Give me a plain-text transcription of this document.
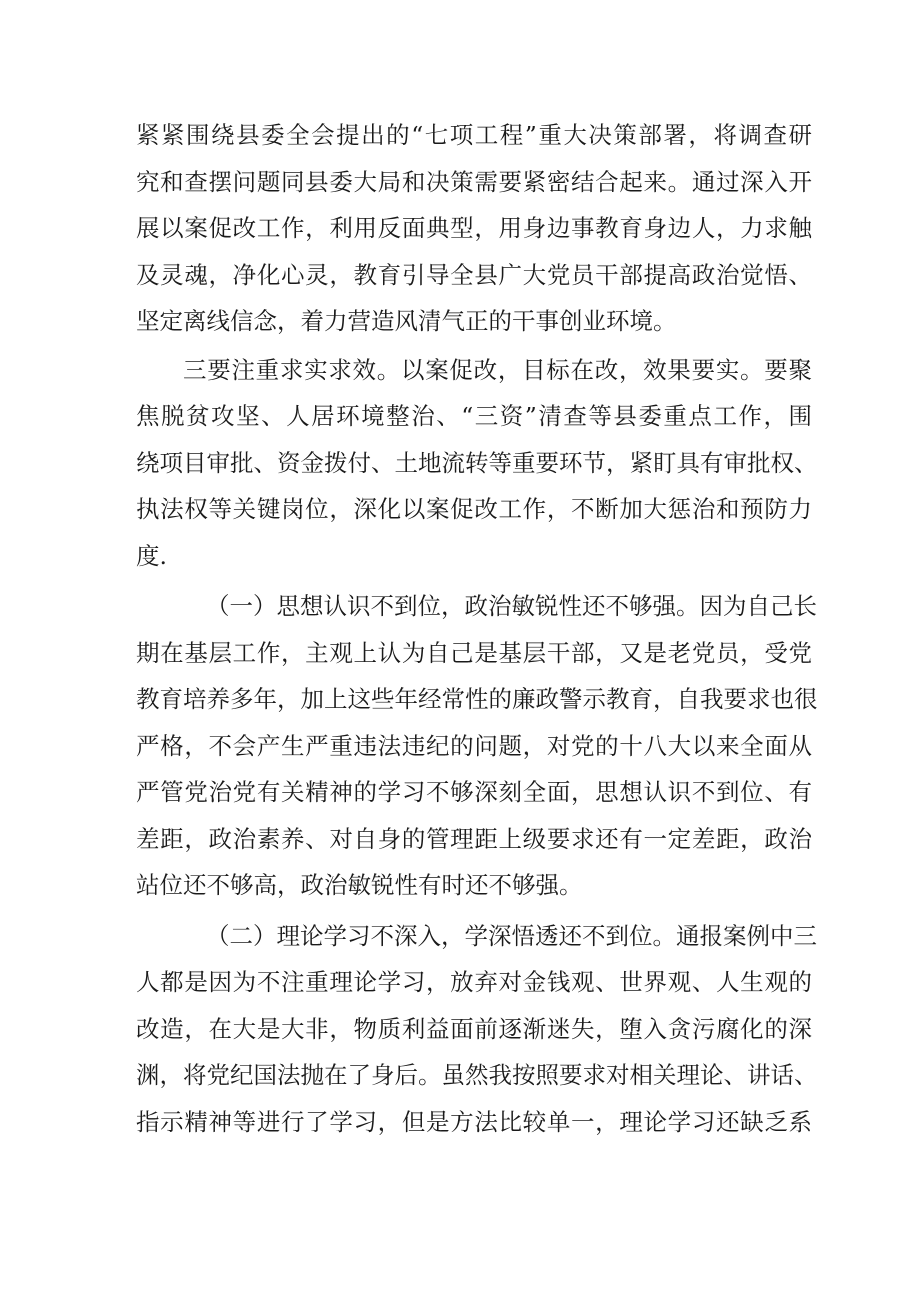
紧紧围绕县委全会提出的“七项工程”重大决策部署，将调查研
究和查摆问题同县委大局和决策需要紧密结合起来。通过深入开
展以案促改工作，利用反面典型，用身边事教育身边人，力求触
及灵魂，净化心灵，教育引导全县广大党员干部提高政治觉悟、
坚定离线信念，着力营造风清气正的干事创业环境。
三要注重求实求效。以案促改，目标在改，效果要实。要聚
焦脱贫攻坚、人居环境整治、“三资”清查等县委重点工作，围
绕项目审批、资金拨付、土地流转等重要环节，紧盯具有审批权、
执法权等关键岗位，深化以案促改工作，不断加大惩治和预防力
度.
（一）思想认识不到位，政治敏锐性还不够强。因为自己长
期在基层工作，主观上认为自己是基层干部，又是老党员，受党
教育培养多年，加上这些年经常性的廉政警示教育，自我要求也很
严格，不会产生严重违法违纪的问题，对党的十八大以来全面从
严管党治党有关精神的学习不够深刻全面，思想认识不到位、有
差距，政治素养、对自身的管理距上级要求还有一定差距，政治
站位还不够高，政治敏锐性有时还不够强。
（二）理论学习不深入，学深悟透还不到位。通报案例中三
人都是因为不注重理论学习，放弃对金钱观、世界观、人生观的
改造，在大是大非，物质利益面前逐渐迷失，堕入贪污腐化的深
渊，将党纪国法抛在了身后。虽然我按照要求对相关理论、讲话、
指示精神等进行了学习，但是方法比较单一，理论学习还缺乏系
